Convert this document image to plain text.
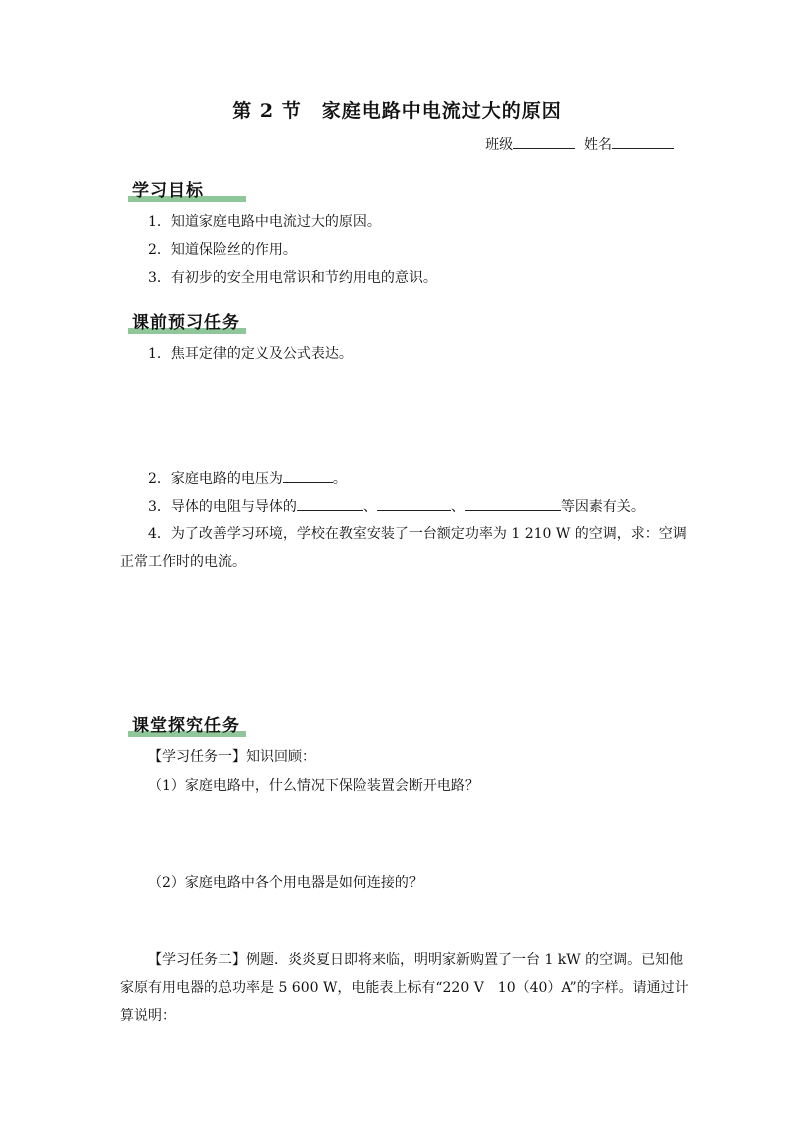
第 2 节　家庭电路中电流过大的原因
班级	姓名
学习目标
1．知道家庭电路中电流过大的原因。
2．知道保险丝的作用。
3．有初步的安全用电常识和节约用电的意识。
课前预习任务
1．焦耳定律的定义及公式表达。
2．家庭电路的电压为	。
3．导体的电阻与导体的	、	、	等因素有关。
4．为了改善学习环境，学校在教室安装了一台额定功率为 1 210 W 的空调，求：空调
正常工作时的电流。
课堂探究任务
【学习任务一】知识回顾：
（1）家庭电路中，什么情况下保险装置会断开电路？
（2）家庭电路中各个用电器是如何连接的？
【学习任务二】例题．炎炎夏日即将来临，明明家新购置了一台 1 kW 的空调。已知他
家原有用电器的总功率是 5 600 W，电能表上标有“220 V　10（40）A”的字样。请通过计
算说明：
